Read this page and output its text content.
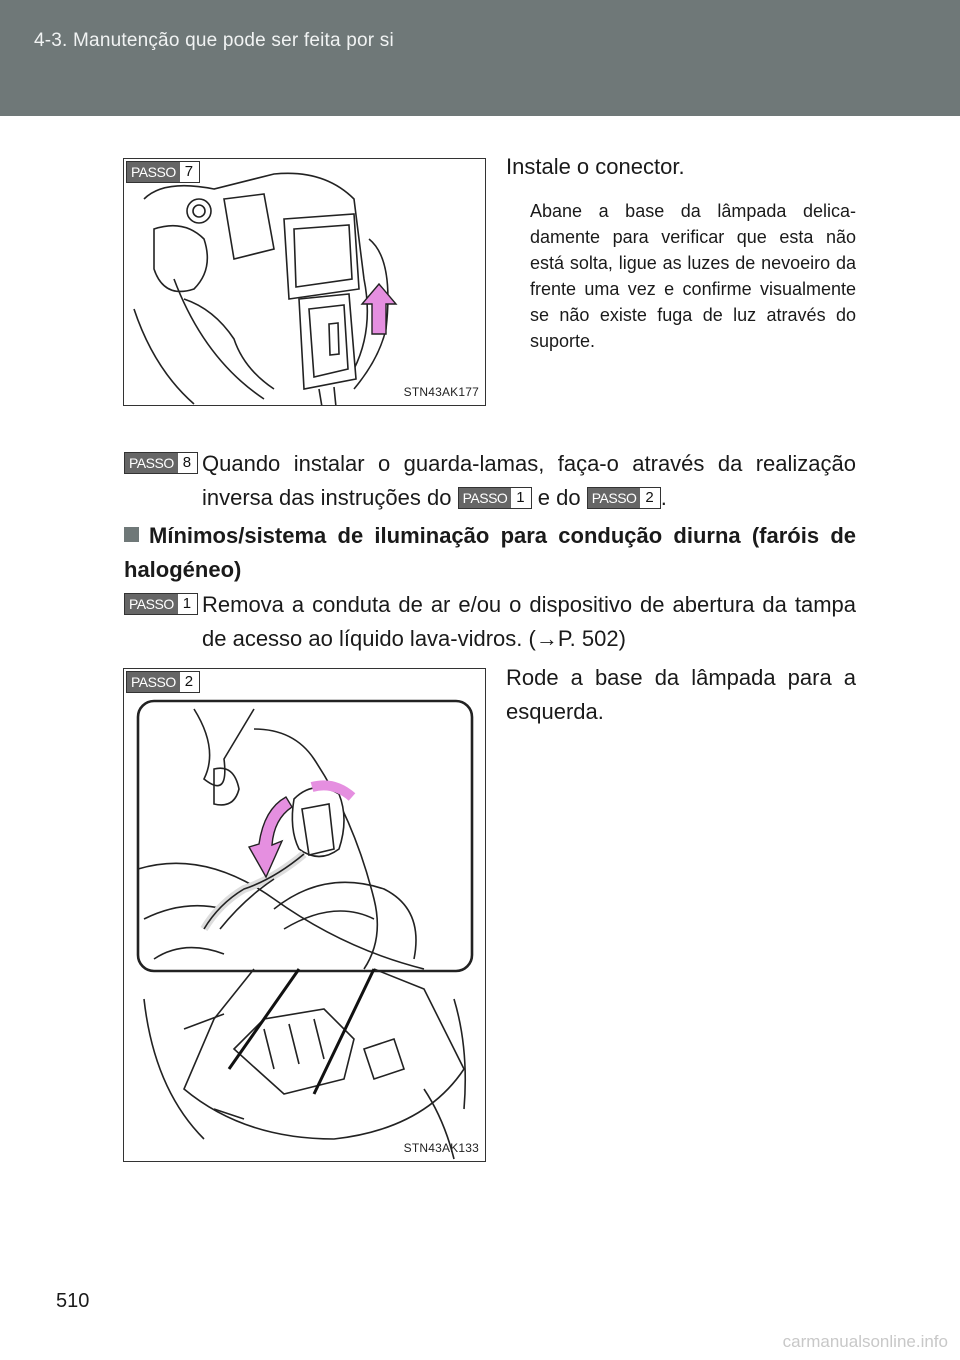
4-3. Manutenção que pode ser feita por si
PASSO 7
STN43AK177
Instale o conector.
Abane a base da lâmpada delica-damente para verificar que esta não está solta, ligue as luzes de nevoeiro da frente uma vez e confirme visualmente se não existe fuga de luz através do suporte.
PASSO 8 Quando instalar o guarda-lamas, faça-o através da realização inversa das instruções do PASSO 1 e do PASSO 2 .
Mínimos/sistema de iluminação para condução diurna (faróis de halogéneo)
PASSO 1 Remova a conduta de ar e/ou o dispositivo de abertura da tampa de acesso ao líquido lava-vidros. (→P. 502)
PASSO 2
STN43AK133
Rode a base da lâmpada para a esquerda.
510
carmanualsonline.info
